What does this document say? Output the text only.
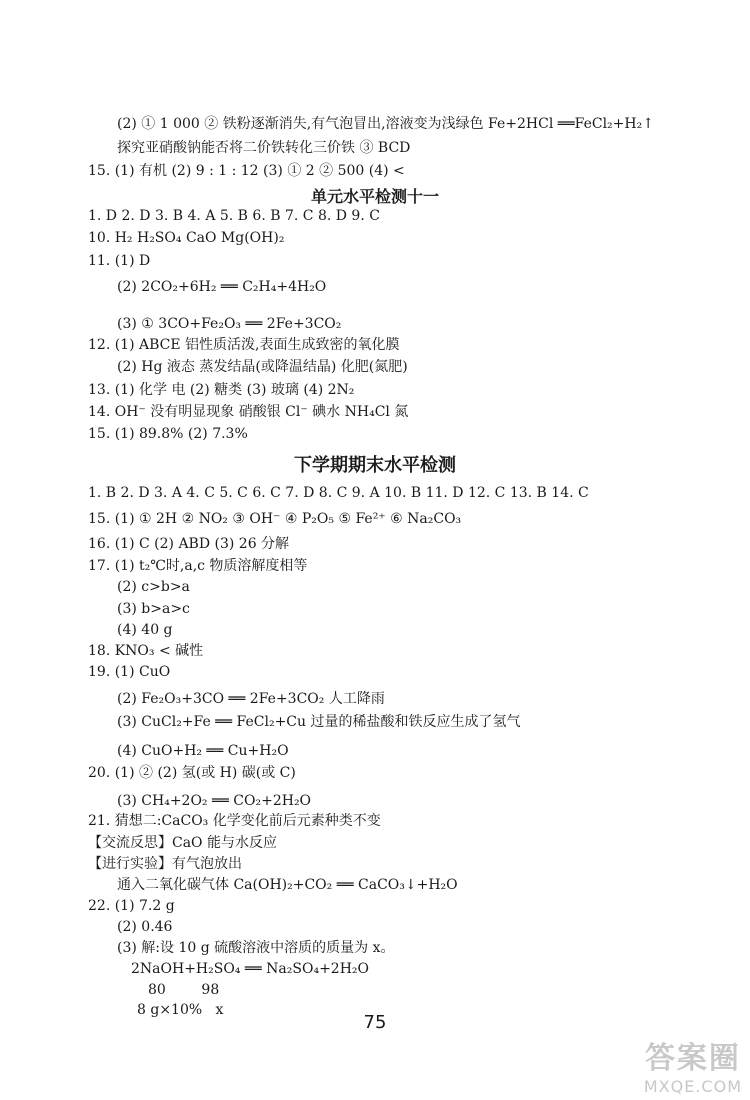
(2) ① 1 000 ② 铁粉逐渐消失,有气泡冒出,溶液变为浅绿色 Fe+2HCl ══FeCl₂+H₂↑
探究亚硝酸钠能否将二价铁转化三价铁 ③ BCD
15. (1) 有机 (2) 9 : 1 : 12 (3) ① 2 ② 500 (4) <
单元水平检测十一
1. D 2. D 3. B 4. A 5. B 6. B 7. C 8. D 9. C
10. H₂ H₂SO₄ CaO Mg(OH)₂
11. (1) D
(2) 2CO₂+6H₂ ══ C₂H₄+4H₂O
(3) ① 3CO+Fe₂O₃ ══ 2Fe+3CO₂
12. (1) ABCE 铝性质活泼,表面生成致密的氧化膜
(2) Hg 液态 蒸发结晶(或降温结晶) 化肥(氮肥)
13. (1) 化学 电 (2) 糖类 (3) 玻璃 (4) 2N₂
14. OH⁻ 没有明显现象 硝酸银 Cl⁻ 碘水 NH₄Cl 氮
15. (1) 89.8% (2) 7.3%
下学期期末水平检测
1. B 2. D 3. A 4. C 5. C 6. C 7. D 8. C 9. A 10. B 11. D 12. C 13. B 14. C
15. (1) ① 2H ② NO₂ ③ OH⁻ ④ P₂O₅ ⑤ Fe²⁺ ⑥ Na₂CO₃
16. (1) C (2) ABD (3) 26 分解
17. (1) t₂℃时,a,c 物质溶解度相等
(2) c>b>a
(3) b>a>c
(4) 40 g
18. KNO₃ < 碱性
19. (1) CuO
(2) Fe₂O₃+3CO ══ 2Fe+3CO₂ 人工降雨
(3) CuCl₂+Fe ══ FeCl₂+Cu 过量的稀盐酸和铁反应生成了氢气
(4) CuO+H₂ ══ Cu+H₂O
20. (1) ② (2) 氢(或 H) 碳(或 C)
(3) CH₄+2O₂ ══ CO₂+2H₂O
21. 猜想二:CaCO₃ 化学变化前后元素种类不变
【交流反思】CaO 能与水反应
【进行实验】有气泡放出
通入二氧化碳气体 Ca(OH)₂+CO₂ ══ CaCO₃↓+H₂O
22. (1) 7.2 g
(2) 0.46
(3) 解:设 10 g 硫酸溶液中溶质的质量为 x。
2NaOH+H₂SO₄ ══ Na₂SO₄+2H₂O
80        98
8 g×10%   x
75
答案圈
MXQE.COM
